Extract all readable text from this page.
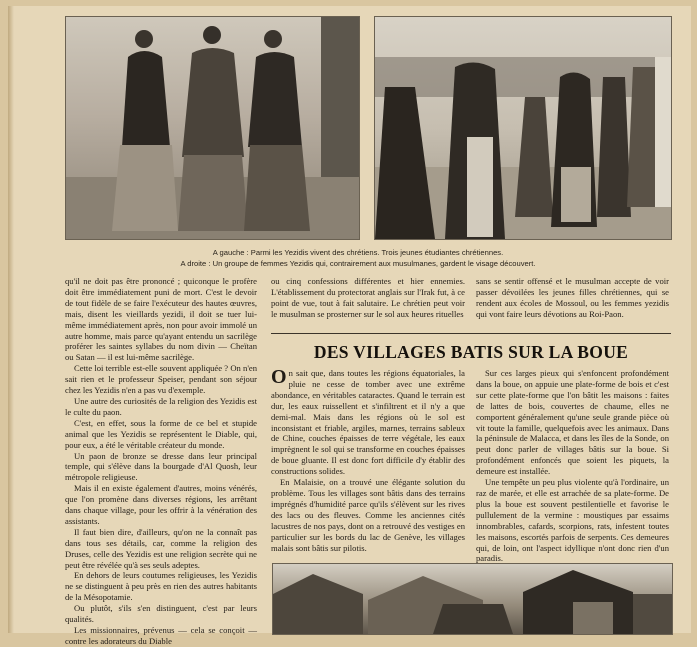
A gauche : Parmi les Yezidis vivent des chrétiens. Trois jeunes étudiantes chrétiennes.
A droite : Un groupe de femmes Yezidis qui, contrairement aux musulmanes, gardent le visage découvert.

qu'il ne doit pas être prononcé ; quiconque le profère doit être immédiatement puni de mort. C'est le devoir de tout fidèle de se faire l'exécuteur des hautes œuvres, mais, disent les vieillards yezidi, il doit se tuer lui-même immédiatement après, non pour avoir immolé un autre homme, mais parce qu'ayant entendu un sacrilège proférer les saintes syllabes du nom divin — Cheïtan ou Satan — il est lui-même sacrilège.

Cette loi terrible est-elle souvent appliquée ? On n'en sait rien et le professeur Speiser, pendant son séjour chez les Yezidis n'en a pas vu d'exemple.

Une autre des curiosités de la religion des Yezidis est le culte du paon.

C'est, en effet, sous la forme de ce bel et stupide animal que les Yezidis se représentent le Diable, qui, pour eux, a été le véritable créateur du monde.

Un paon de bronze se dresse dans leur principal temple, qui s'élève dans la bourgade d'Al Quosh, leur métropole religieuse.

Mais il en existe également d'autres, moins vénérés, que l'on promène dans diverses régions, les arrêtant dans chaque village, pour les offrir à la vénération des assistants.

Il faut bien dire, d'ailleurs, qu'on ne la connaît pas dans tous ses détails, car, comme la religion des Druses, celle des Yezidis est une religion secrète qui ne peut être révélée qu'à ses seuls adeptes.

En dehors de leurs coutumes religieuses, les Yezidis ne se distinguent à peu près en rien des autres habitants de la Mésopotamie.

Ou plutôt, s'ils s'en distinguent, c'est par leurs qualités.

Les missionnaires, prévenus — cela se conçoit — contre les adorateurs du Diable

ou cinq confessions différentes et hier ennemies. L'établissement du protectorat anglais sur l'Irak fut, à ce point de vue, tout à fait salutaire. Le chrétien peut voir le musulman se prosterner sur le sol aux heures rituelles

sans se sentir offensé et le musulman accepte de voir passer dévoilées les jeunes filles chrétiennes, qui se rendent aux écoles de Mossoul, ou les femmes yezidis qui vont faire leurs dévotions au Roi-Paon.

DES VILLAGES BATIS SUR LA BOUE

On sait que, dans toutes les régions équatoriales, la pluie ne cesse de tomber avec une extrême abondance, en véritables cataractes. Quand le terrain est dur, les eaux ruissellent et s'infiltrent et il n'y a que demi-mal. Mais dans les régions où le sol est inconsistant et friable, argiles, marnes, terrains sableux de Chine, couches épaisses de terre végétale, les eaux imprègnent le sol qui se transforme en couches épaisses de boue gluante. Il est donc fort difficile d'y établir des constructions solides.

En Malaisie, on a trouvé une élégante solution du problème. Tous les villages sont bâtis dans des terrains imprégnés d'humidité parce qu'ils s'élèvent sur les rives des lacs ou des fleuves. Comme les anciennes cités lacustres de nos pays, dont on a retrouvé des vestiges en particulier sur les bords du lac de Genève, les villages malais sont bâtis sur pilotis.

Sur ces larges pieux qui s'enfoncent profondément dans la boue, on appuie une plate-forme de bois et c'est sur cette plate-forme que l'on bâtit les maisons : faites de lattes de bois, couvertes de chaume, elles ne comportent généralement qu'une seule grande pièce où vit toute la famille, quelquefois avec les animaux. Dans la péninsule de Malacca, et dans les îles de la Sonde, on peut donc parler de villages bâtis sur la boue. Si profondément enfoncés que soient les piquets, la demeure est installée.

Une tempête un peu plus violente qu'à l'ordinaire, un raz de marée, et elle est arrachée de sa plate-forme. De plus la boue est souvent pestilentielle et favorise le pullulement de la vermine : moustiques par essaims innombrables, cafards, scorpions, rats, infestent toutes les maisons, escortés parfois de serpents. Ces demeures qui, de loin, ont l'aspect idyllique n'ont donc rien d'un paradis.
